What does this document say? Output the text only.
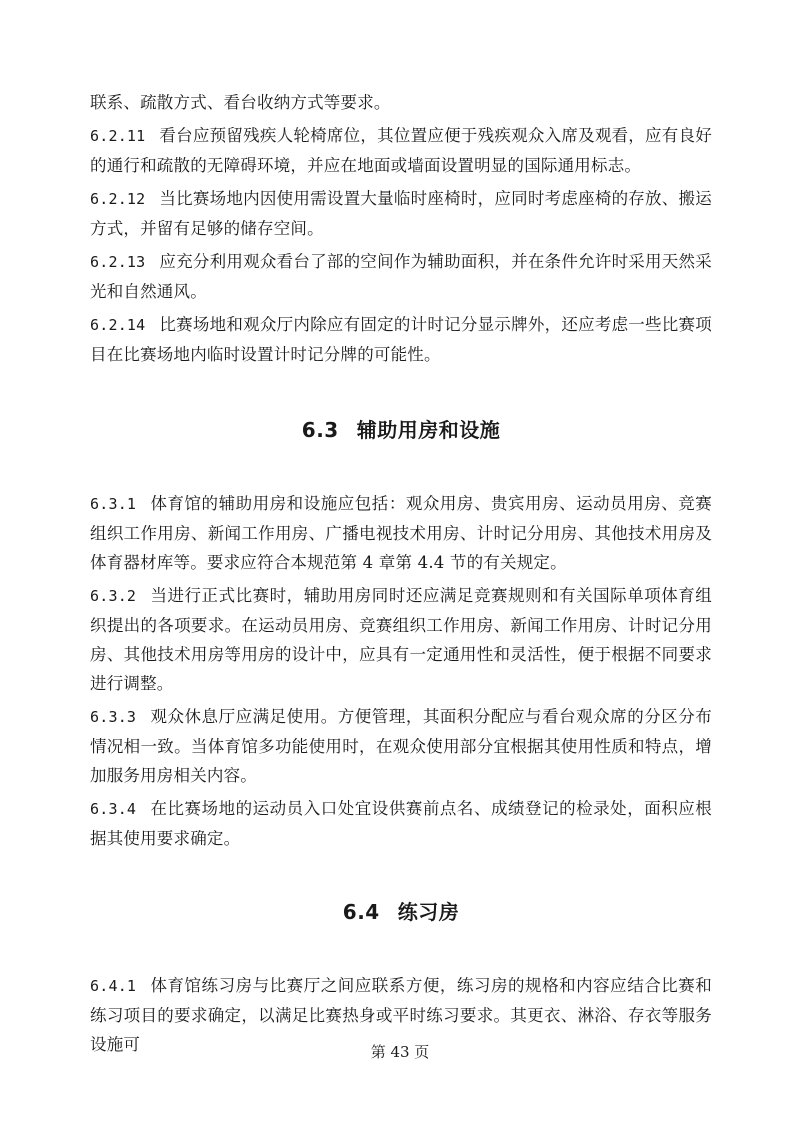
联系、疏散方式、看台收纳方式等要求。

6.2.11 看台应预留残疾人轮椅席位，其位置应便于残疾观众入席及观看，应有良好的通行和疏散的无障碍环境，并应在地面或墙面设置明显的国际通用标志。

6.2.12 当比赛场地内因使用需设置大量临时座椅时，应同时考虑座椅的存放、搬运方式，并留有足够的储存空间。

6.2.13 应充分利用观众看台了部的空间作为辅助面积，并在条件允许时采用天然采光和自然通风。

6.2.14 比赛场地和观众厅内除应有固定的计时记分显示牌外，还应考虑一些比赛项目在比赛场地内临时设置计时记分牌的可能性。

6.3 辅助用房和设施

6.3.1 体育馆的辅助用房和设施应包括：观众用房、贵宾用房、运动员用房、竞赛组织工作用房、新闻工作用房、广播电视技术用房、计时记分用房、其他技术用房及体育器材库等。要求应符合本规范第 4 章第 4.4 节的有关规定。

6.3.2 当进行正式比赛时，辅助用房同时还应满足竞赛规则和有关国际单项体育组织提出的各项要求。在运动员用房、竞赛组织工作用房、新闻工作用房、计时记分用房、其他技术用房等用房的设计中，应具有一定通用性和灵活性，便于根据不同要求进行调整。

6.3.3 观众休息厅应满足使用。方便管理，其面积分配应与看台观众席的分区分布情况相一致。当体育馆多功能使用时，在观众使用部分宜根据其使用性质和特点，增加服务用房相关内容。

6.3.4 在比赛场地的运动员入口处宜设供赛前点名、成绩登记的检录处，面积应根据其使用要求确定。

6.4 练习房

6.4.1 体育馆练习房与比赛厅之间应联系方便，练习房的规格和内容应结合比赛和练习项目的要求确定，以满足比赛热身或平时练习要求。其更衣、淋浴、存衣等服务设施可	第 43 页
